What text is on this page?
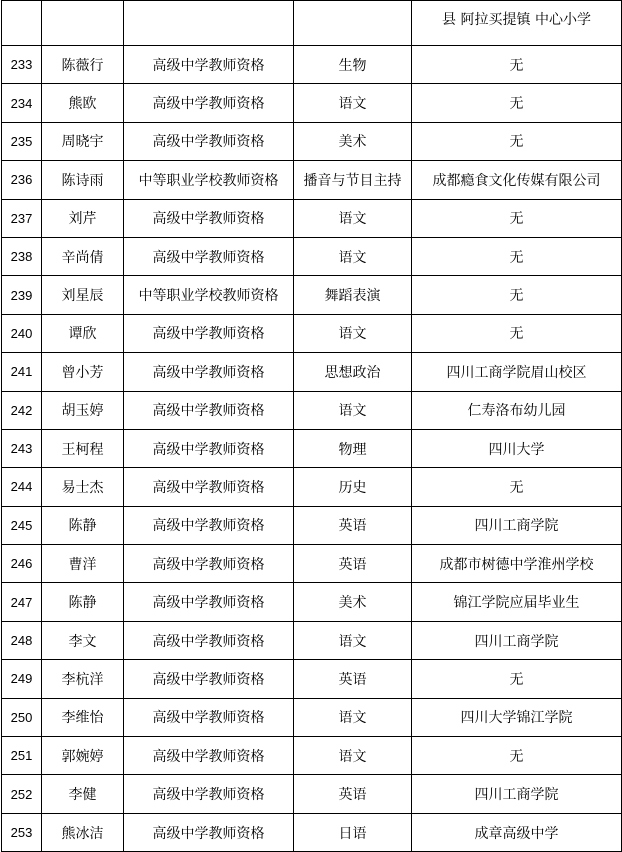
				县 阿拉买提镇 中心小学
233	陈薇行	高级中学教师资格	生物	无
234	熊欧	高级中学教师资格	语文	无
235	周晓宇	高级中学教师资格	美术	无
236	陈诗雨	中等职业学校教师资格	播音与节目主持	成都瘾食文化传媒有限公司
237	刘芹	高级中学教师资格	语文	无
238	辛尚倩	高级中学教师资格	语文	无
239	刘星辰	中等职业学校教师资格	舞蹈表演	无
240	谭欣	高级中学教师资格	语文	无
241	曾小芳	高级中学教师资格	思想政治	四川工商学院眉山校区
242	胡玉婷	高级中学教师资格	语文	仁寿洛布幼儿园
243	王柯程	高级中学教师资格	物理	四川大学
244	易士杰	高级中学教师资格	历史	无
245	陈静	高级中学教师资格	英语	四川工商学院
246	曹洋	高级中学教师资格	英语	成都市树德中学淮州学校
247	陈静	高级中学教师资格	美术	锦江学院应届毕业生
248	李文	高级中学教师资格	语文	四川工商学院
249	李杭洋	高级中学教师资格	英语	无
250	李维怡	高级中学教师资格	语文	四川大学锦江学院
251	郭婉婷	高级中学教师资格	语文	无
252	李健	高级中学教师资格	英语	四川工商学院
253	熊冰洁	高级中学教师资格	日语	成章高级中学
